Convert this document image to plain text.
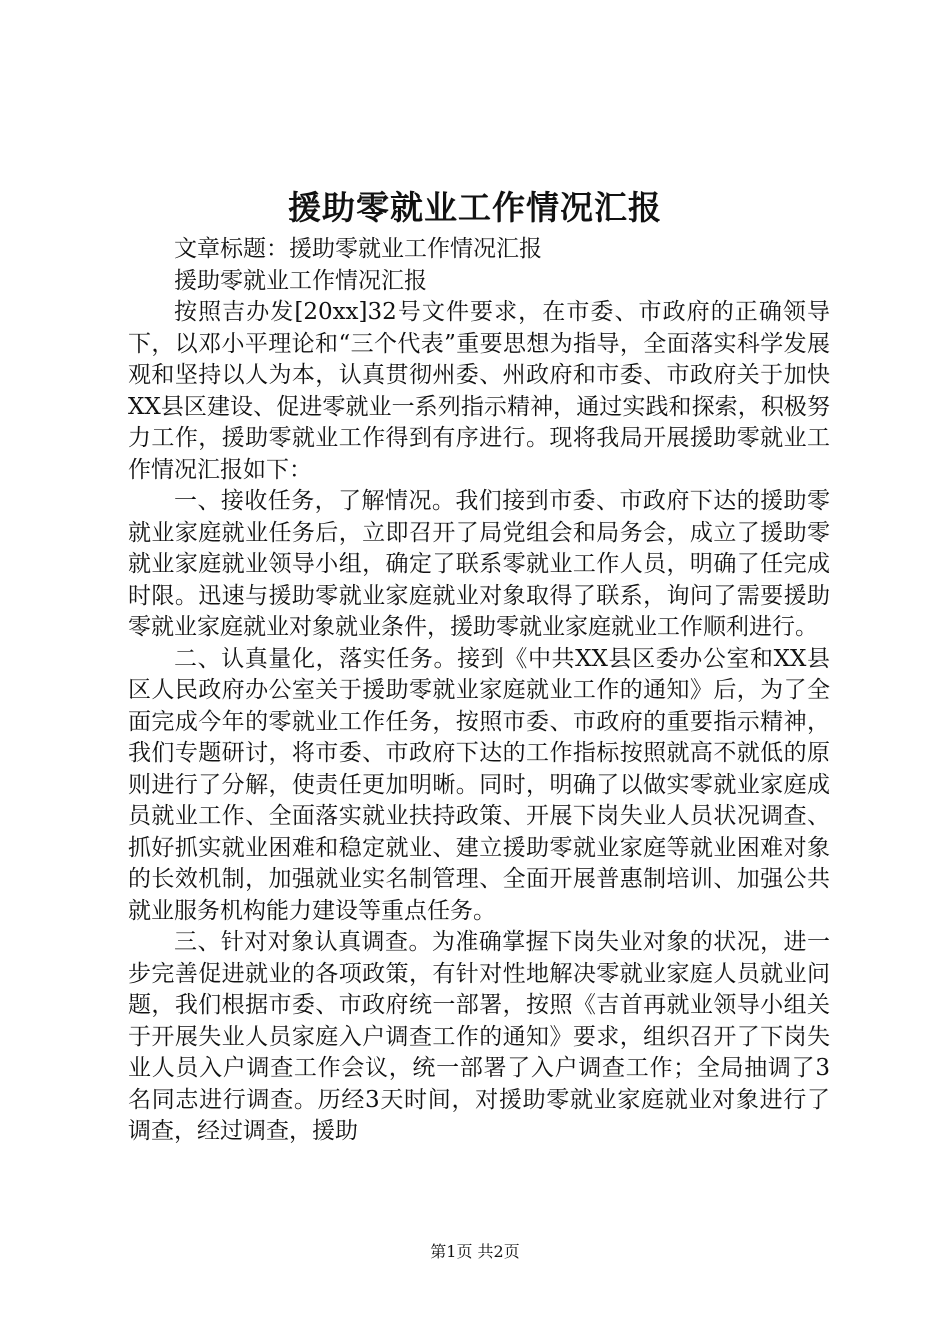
援助零就业工作情况汇报

文章标题：援助零就业工作情况汇报

援助零就业工作情况汇报

按照吉办发[20xx]32号文件要求，在市委、市政府的正确领导下，以邓小平理论和“三个代表”重要思想为指导，全面落实科学发展观和坚持以人为本，认真贯彻州委、州政府和市委、市政府关于加快XX县区建设、促进零就业一系列指示精神，通过实践和探索，积极努力工作，援助零就业工作得到有序进行。现将我局开展援助零就业工作情况汇报如下：

一、接收任务，了解情况。我们接到市委、市政府下达的援助零就业家庭就业任务后，立即召开了局党组会和局务会，成立了援助零就业家庭就业领导小组，确定了联系零就业工作人员，明确了任完成时限。迅速与援助零就业家庭就业对象取得了联系，询问了需要援助零就业家庭就业对象就业条件，援助零就业家庭就业工作顺利进行。

二、认真量化，落实任务。接到《中共XX县区委办公室和XX县区人民政府办公室关于援助零就业家庭就业工作的通知》后，为了全面完成今年的零就业工作任务，按照市委、市政府的重要指示精神，我们专题研讨，将市委、市政府下达的工作指标按照就高不就低的原则进行了分解，使责任更加明晰。同时，明确了以做实零就业家庭成员就业工作、全面落实就业扶持政策、开展下岗失业人员状况调查、抓好抓实就业困难和稳定就业、建立援助零就业家庭等就业困难对象的长效机制，加强就业实名制管理、全面开展普惠制培训、加强公共就业服务机构能力建设等重点任务。

三、针对对象认真调查。为准确掌握下岗失业对象的状况，进一步完善促进就业的各项政策，有针对性地解决零就业家庭人员就业问题，我们根据市委、市政府统一部署，按照《吉首再就业领导小组关于开展失业人员家庭入户调查工作的通知》要求，组织召开了下岗失业人员入户调查工作会议，统一部署了入户调查工作；全局抽调了3名同志进行调查。历经3天时间，对援助零就业家庭就业对象进行了调查，经过调查，援助

第1页 共2页
